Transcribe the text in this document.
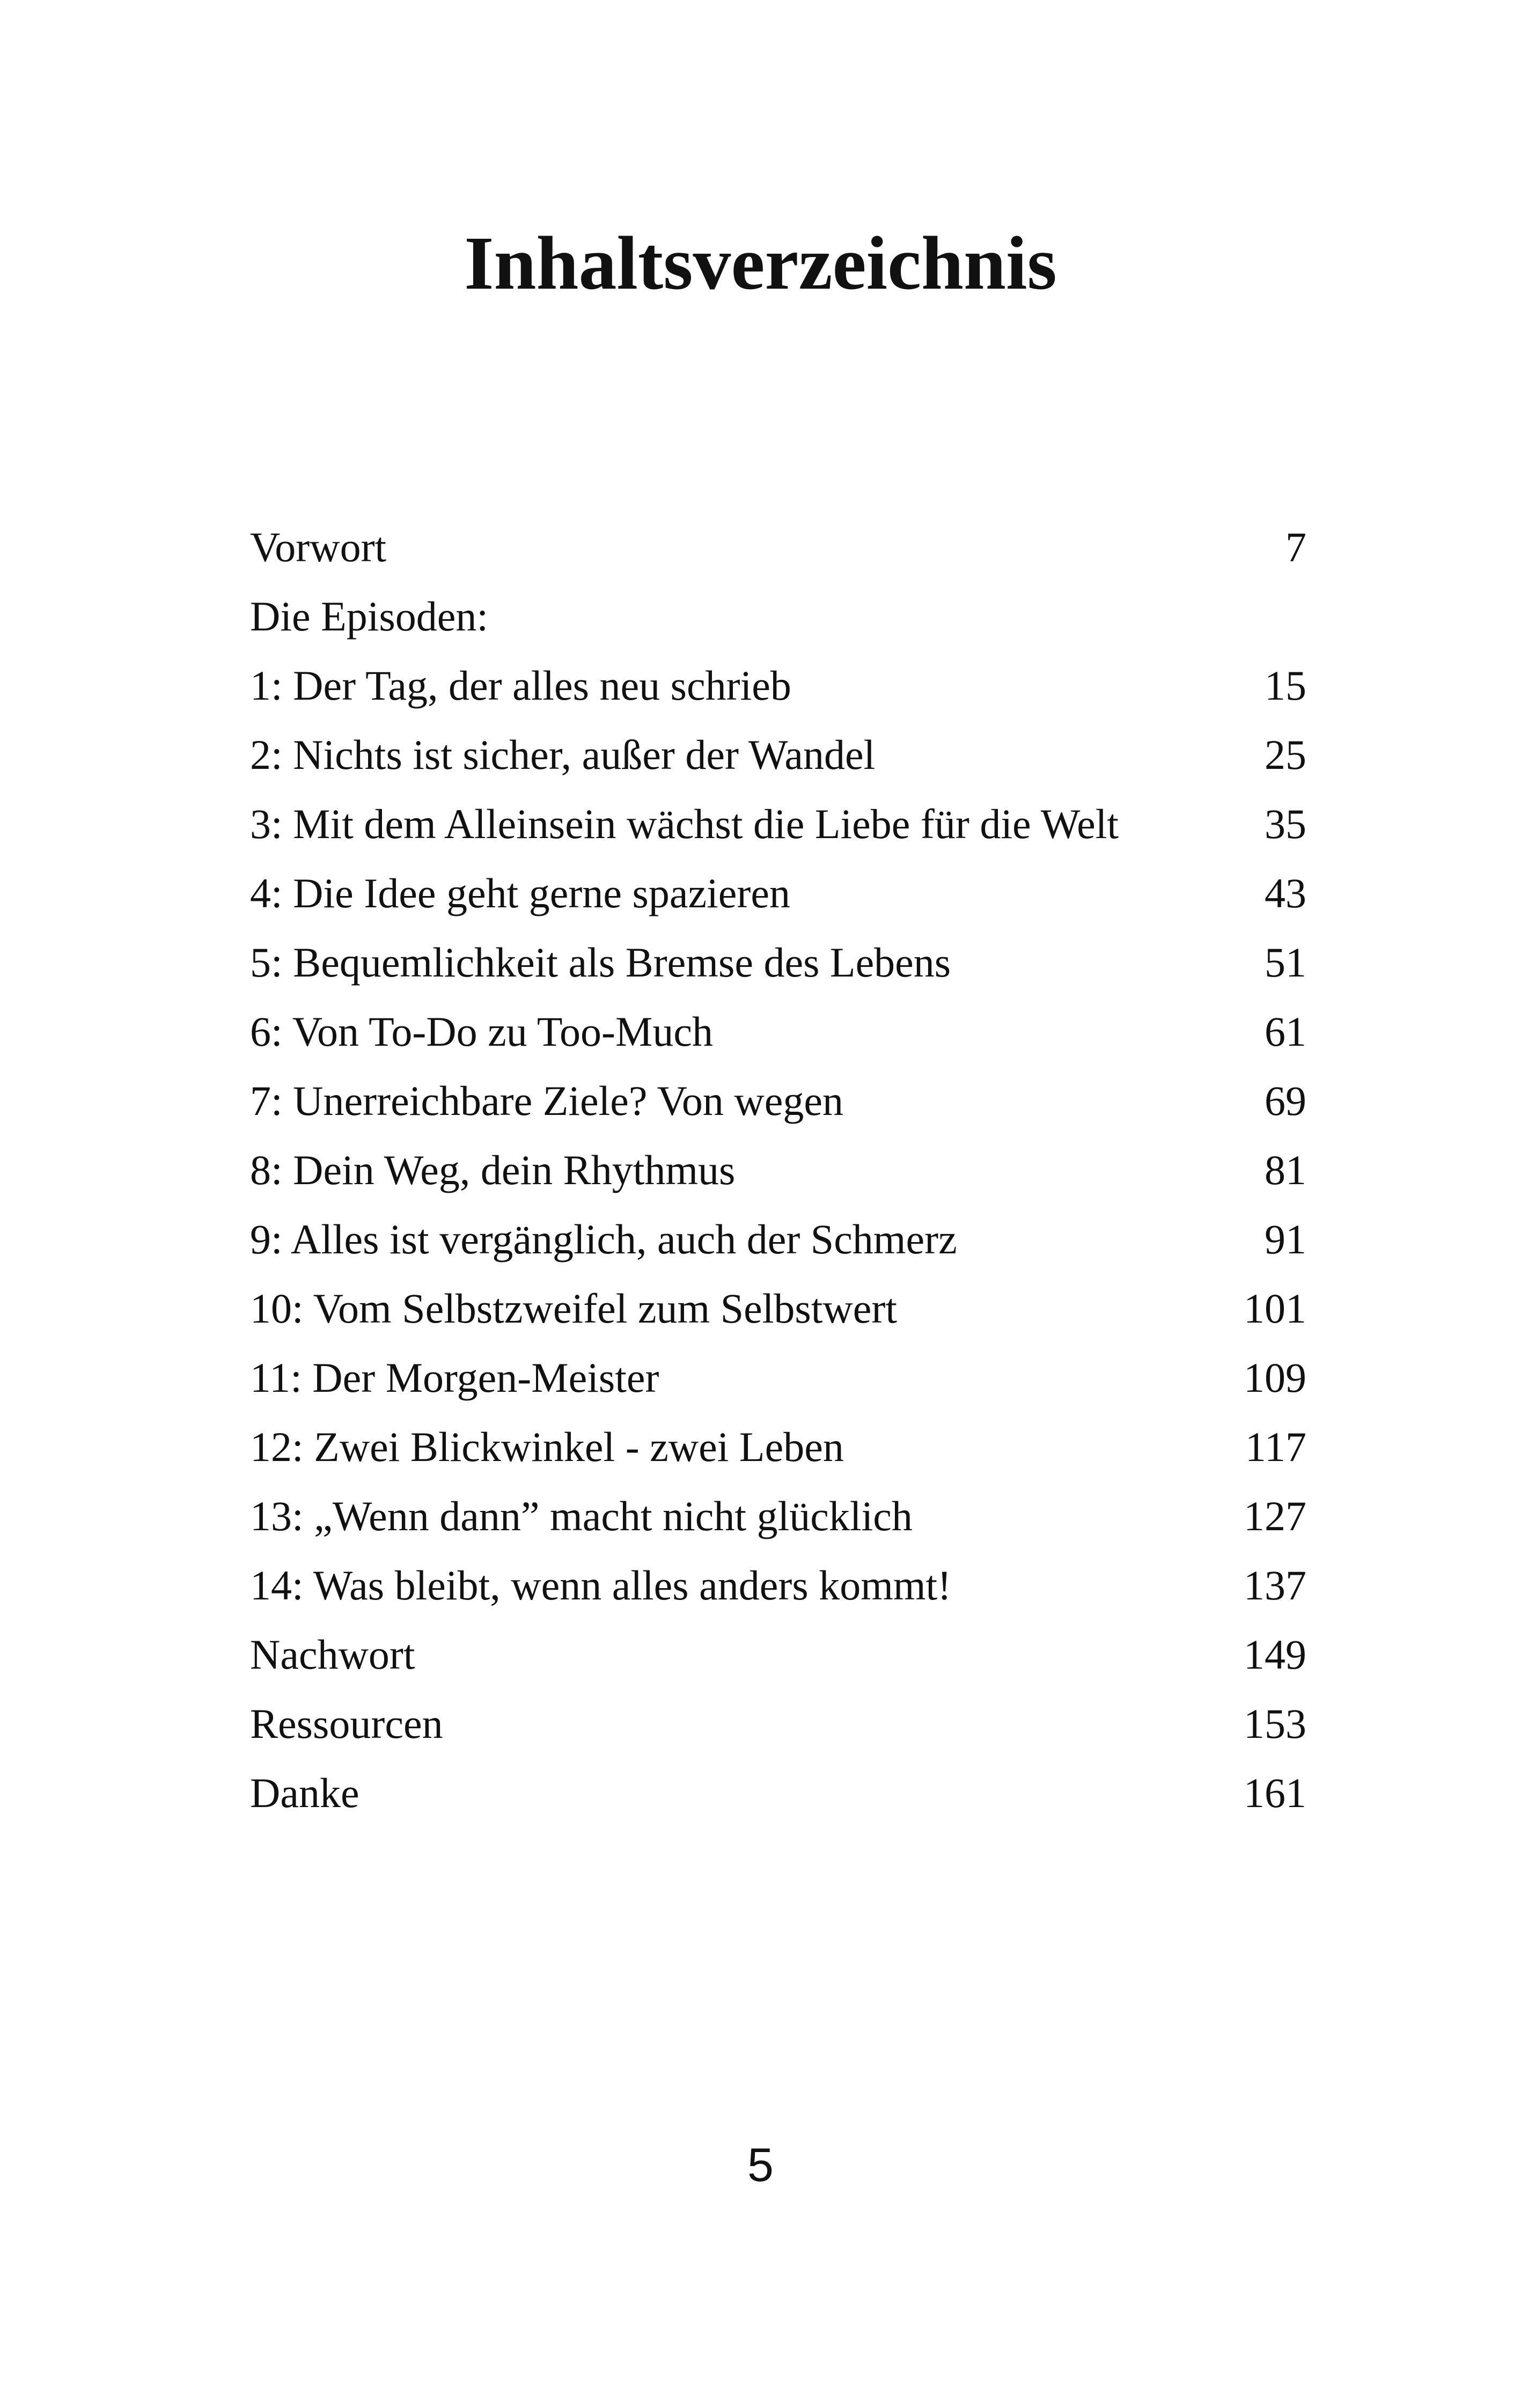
Inhaltsverzeichnis
Vorwort	7
Die Episoden:
1: Der Tag, der alles neu schrieb	15
2: Nichts ist sicher, außer der Wandel	25
3: Mit dem Alleinsein wächst die Liebe für die Welt	35
4: Die Idee geht gerne spazieren	43
5: Bequemlichkeit als Bremse des Lebens	51
6: Von To-Do zu Too-Much	61
7: Unerreichbare Ziele? Von wegen	69
8: Dein Weg, dein Rhythmus	81
9: Alles ist vergänglich, auch der Schmerz	91
10: Vom Selbstzweifel zum Selbstwert	101
11: Der Morgen-Meister	109
12: Zwei Blickwinkel - zwei Leben	117
13: „Wenn dann” macht nicht glücklich	127
14: Was bleibt, wenn alles anders kommt!	137
Nachwort	149
Ressourcen	153
Danke	161
5
